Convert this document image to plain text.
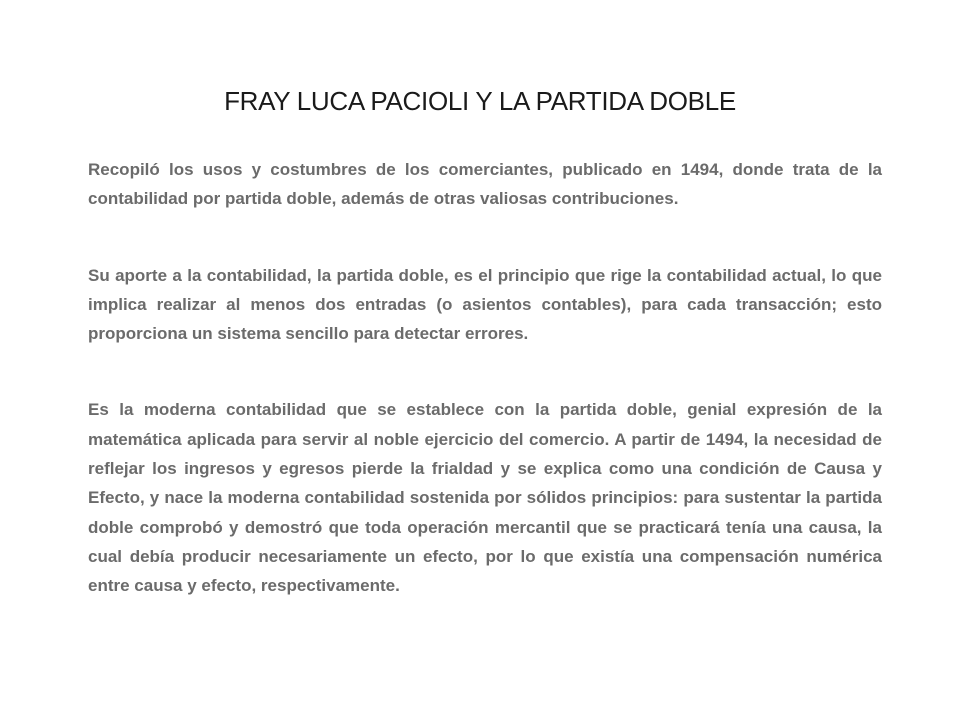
FRAY LUCA PACIOLI Y LA PARTIDA DOBLE

Recopiló los usos y costumbres de los comerciantes, publicado en 1494, donde trata de la contabilidad por partida doble, además de otras valiosas contribuciones.

Su aporte a la contabilidad, la partida doble, es el principio que rige la contabilidad actual, lo que implica realizar al menos dos entradas (o asientos contables), para cada transacción; esto proporciona un sistema sencillo para detectar errores.

Es la moderna contabilidad que se establece con la partida doble, genial expresión de la matemática aplicada para servir al noble ejercicio del comercio. A partir de 1494, la necesidad de reflejar los ingresos y egresos pierde la frialdad y se explica como una condición de Causa y Efecto, y nace la moderna contabilidad sostenida por sólidos principios: para sustentar la partida doble comprobó y demostró que toda operación mercantil que se practicará tenía una causa, la cual debía producir necesariamente un efecto, por lo que existía una compensación numérica entre causa y efecto, respectivamente.
